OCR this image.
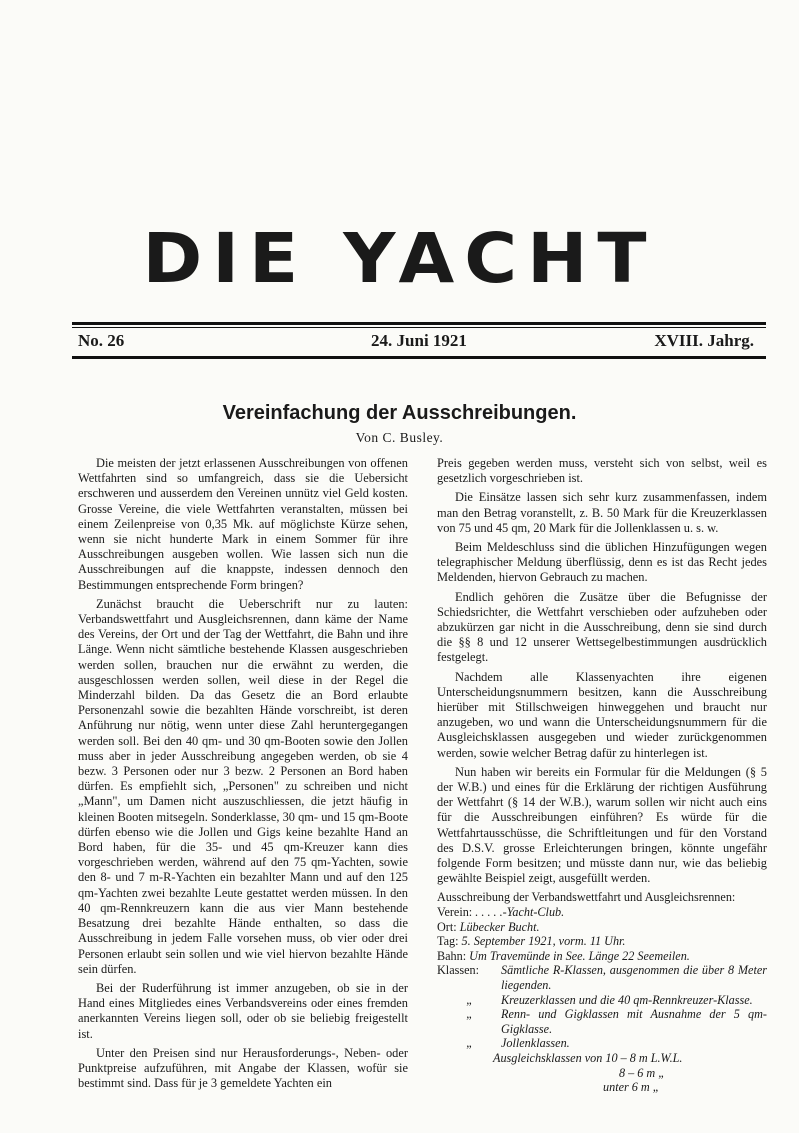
DIE YACHT
24. Juni 1921
No. 26	XVIII. Jahrg.
Vereinfachung der Ausschreibungen.
Von C. Busley.

Die meisten der jetzt erlassenen Ausschreibungen von offenen Wettfahrten sind so umfangreich, dass sie die Uebersicht erschweren und ausserdem den Vereinen unnütz viel Geld kosten. Grosse Vereine, die viele Wettfahrten veranstalten, müssen bei einem Zeilenpreise von 0,35 Mk. auf möglichste Kürze sehen, wenn sie nicht hunderte Mark in einem Sommer für ihre Ausschreibungen ausgeben wollen. Wie lassen sich nun die Ausschreibungen auf die knappste, indessen dennoch den Bestimmungen entsprechende Form bringen?

Zunächst braucht die Ueberschrift nur zu lauten: Verbandswettfahrt und Ausgleichsrennen, dann käme der Name des Vereins, der Ort und der Tag der Wettfahrt, die Bahn und ihre Länge. Wenn nicht sämtliche bestehende Klassen ausgeschrieben werden sollen, brauchen nur die erwähnt zu werden, die ausgeschlossen werden sollen, weil diese in der Regel die Minderzahl bilden. Da das Gesetz die an Bord erlaubte Personenzahl sowie die bezahlten Hände vorschreibt, ist deren Anführung nur nötig, wenn unter diese Zahl heruntergegangen werden soll. Bei den 40 qm- und 30 qm-Booten sowie den Jollen muss aber in jeder Ausschreibung angegeben werden, ob sie 4 bezw. 3 Personen oder nur 3 bezw. 2 Personen an Bord haben dürfen. Es empfiehlt sich, „Personen" zu schreiben und nicht „Mann", um Damen nicht auszuschliessen, die jetzt häufig in kleinen Booten mitsegeln. Sonderklasse, 30 qm- und 15 qm-Boote dürfen ebenso wie die Jollen und Gigs keine bezahlte Hand an Bord haben, für die 35- und 45 qm-Kreuzer kann dies vorgeschrieben werden, während auf den 75 qm-Yachten, sowie den 8- und 7 m-R-Yachten ein bezahlter Mann und auf den 125 qm-Yachten zwei bezahlte Leute gestattet werden müssen. In den 40 qm-Rennkreuzern kann die aus vier Mann bestehende Besatzung drei bezahlte Hände enthalten, so dass die Ausschreibung in jedem Falle vorsehen muss, ob vier oder drei Personen erlaubt sein sollen und wie viel hiervon bezahlte Hände sein dürfen.

Bei der Ruderführung ist immer anzugeben, ob sie in der Hand eines Mitgliedes eines Verbandsvereins oder eines fremden anerkannten Vereins liegen soll, oder ob sie beliebig freigestellt ist.

Unter den Preisen sind nur Herausforderungs-, Neben- oder Punktpreise aufzuführen, mit Angabe der Klassen, wofür sie bestimmt sind. Dass für je 3 gemeldete Yachten ein

Preis gegeben werden muss, versteht sich von selbst, weil es gesetzlich vorgeschrieben ist.

Die Einsätze lassen sich sehr kurz zusammenfassen, indem man den Betrag voranstellt, z. B. 50 Mark für die Kreuzerklassen von 75 und 45 qm, 20 Mark für die Jollenklassen u. s. w.

Beim Meldeschluss sind die üblichen Hinzufügungen wegen telegraphischer Meldung überflüssig, denn es ist das Recht jedes Meldenden, hiervon Gebrauch zu machen.

Endlich gehören die Zusätze über die Befugnisse der Schiedsrichter, die Wettfahrt verschieben oder aufzuheben oder abzukürzen gar nicht in die Ausschreibung, denn sie sind durch die §§ 8 und 12 unserer Wettsegelbestimmungen ausdrücklich festgelegt.

Nachdem alle Klassenyachten ihre eigenen Unterscheidungsnummern besitzen, kann die Ausschreibung hierüber mit Stillschweigen hinweggehen und braucht nur anzugeben, wo und wann die Unterscheidungsnummern für die Ausgleichsklassen ausgegeben und wieder zurückgenommen werden, sowie welcher Betrag dafür zu hinterlegen ist.

Nun haben wir bereits ein Formular für die Meldungen (§ 5 der W.B.) und eines für die Erklärung der richtigen Ausführung der Wettfahrt (§ 14 der W.B.), warum sollen wir nicht auch eins für die Ausschreibungen einführen? Es würde für die Wettfahrtausschüsse, die Schriftleitungen und für den Vorstand des D.S.V. grosse Erleichterungen bringen, könnte ungefähr folgende Form besitzen; und müsste dann nur, wie das beliebig gewählte Beispiel zeigt, ausgefüllt werden.

Ausschreibung der Verbandswettfahrt und Ausgleichsrennen:
Verein: . . . . .-Yacht-Club.
Ort: Lübecker Bucht.
Tag: 5. September 1921, vorm. 11 Uhr.
Bahn: Um Travemünde in See. Länge 22 Seemeilen.
Klassen:	Sämtliche R-Klassen, ausgenommen die über 8 Meter liegenden.
„	Kreuzerklassen und die 40 qm-Rennkreuzer-Klasse.
„	Renn- und Gigklassen mit Ausnahme der 5 qm-Gigklasse.
„	Jollenklassen.
Ausgleichsklassen von 10 – 8 m L.W.L.
8 – 6 m „
unter 6 m „
